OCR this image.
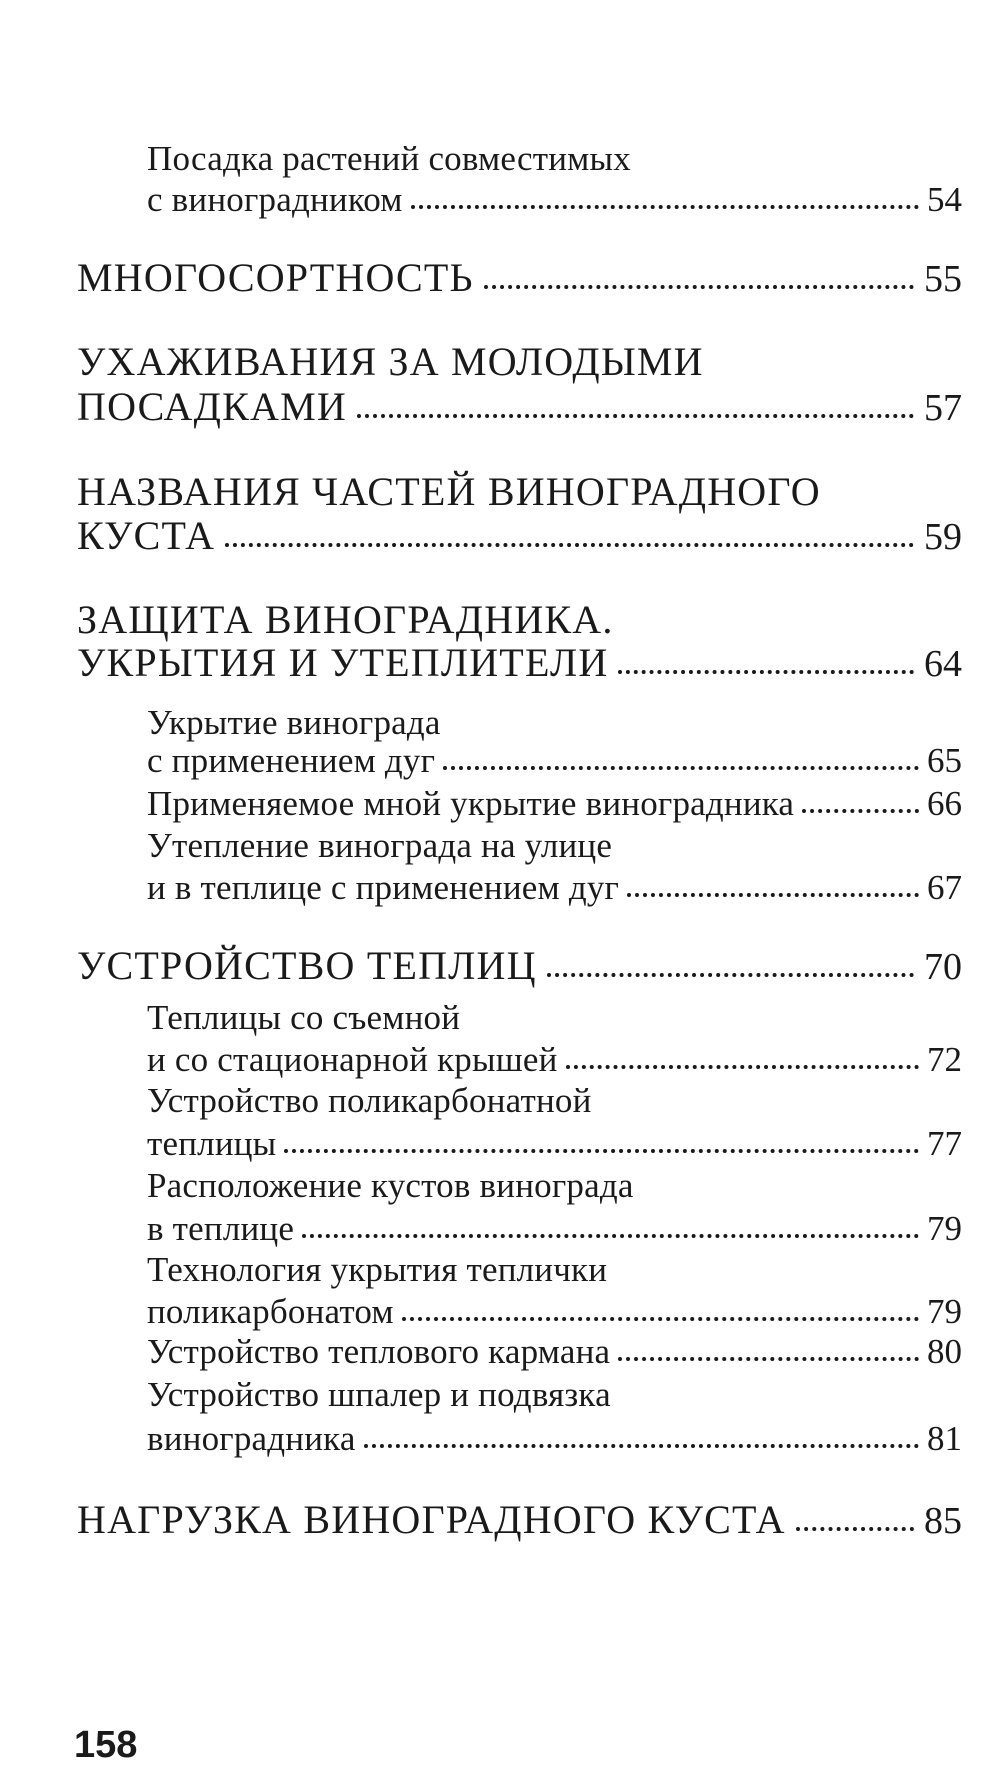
Посадка растений совместимых
с виноградником	54
МНОГОСОРТНОСТЬ	55
УХАЖИВАНИЯ ЗА МОЛОДЫМИ
ПОСАДКАМИ	57
НАЗВАНИЯ ЧАСТЕЙ ВИНОГРАДНОГО
КУСТА	59
ЗАЩИТА ВИНОГРАДНИКА.
УКРЫТИЯ И УТЕПЛИТЕЛИ	64
Укрытие винограда
с применением дуг	65
Применяемое мной укрытие виноградника	66
Утепление винограда на улице
и в теплице с применением дуг	67
УСТРОЙСТВО ТЕПЛИЦ	70
Теплицы со съемной
и со стационарной крышей	72
Устройство поликарбонатной
теплицы	77
Расположение кустов винограда
в теплице	79
Технология укрытия теплички
поликарбонатом	79
Устройство теплового кармана	80
Устройство шпалер и подвязка
виноградника	81
НАГРУЗКА ВИНОГРАДНОГО КУСТА	85
158
